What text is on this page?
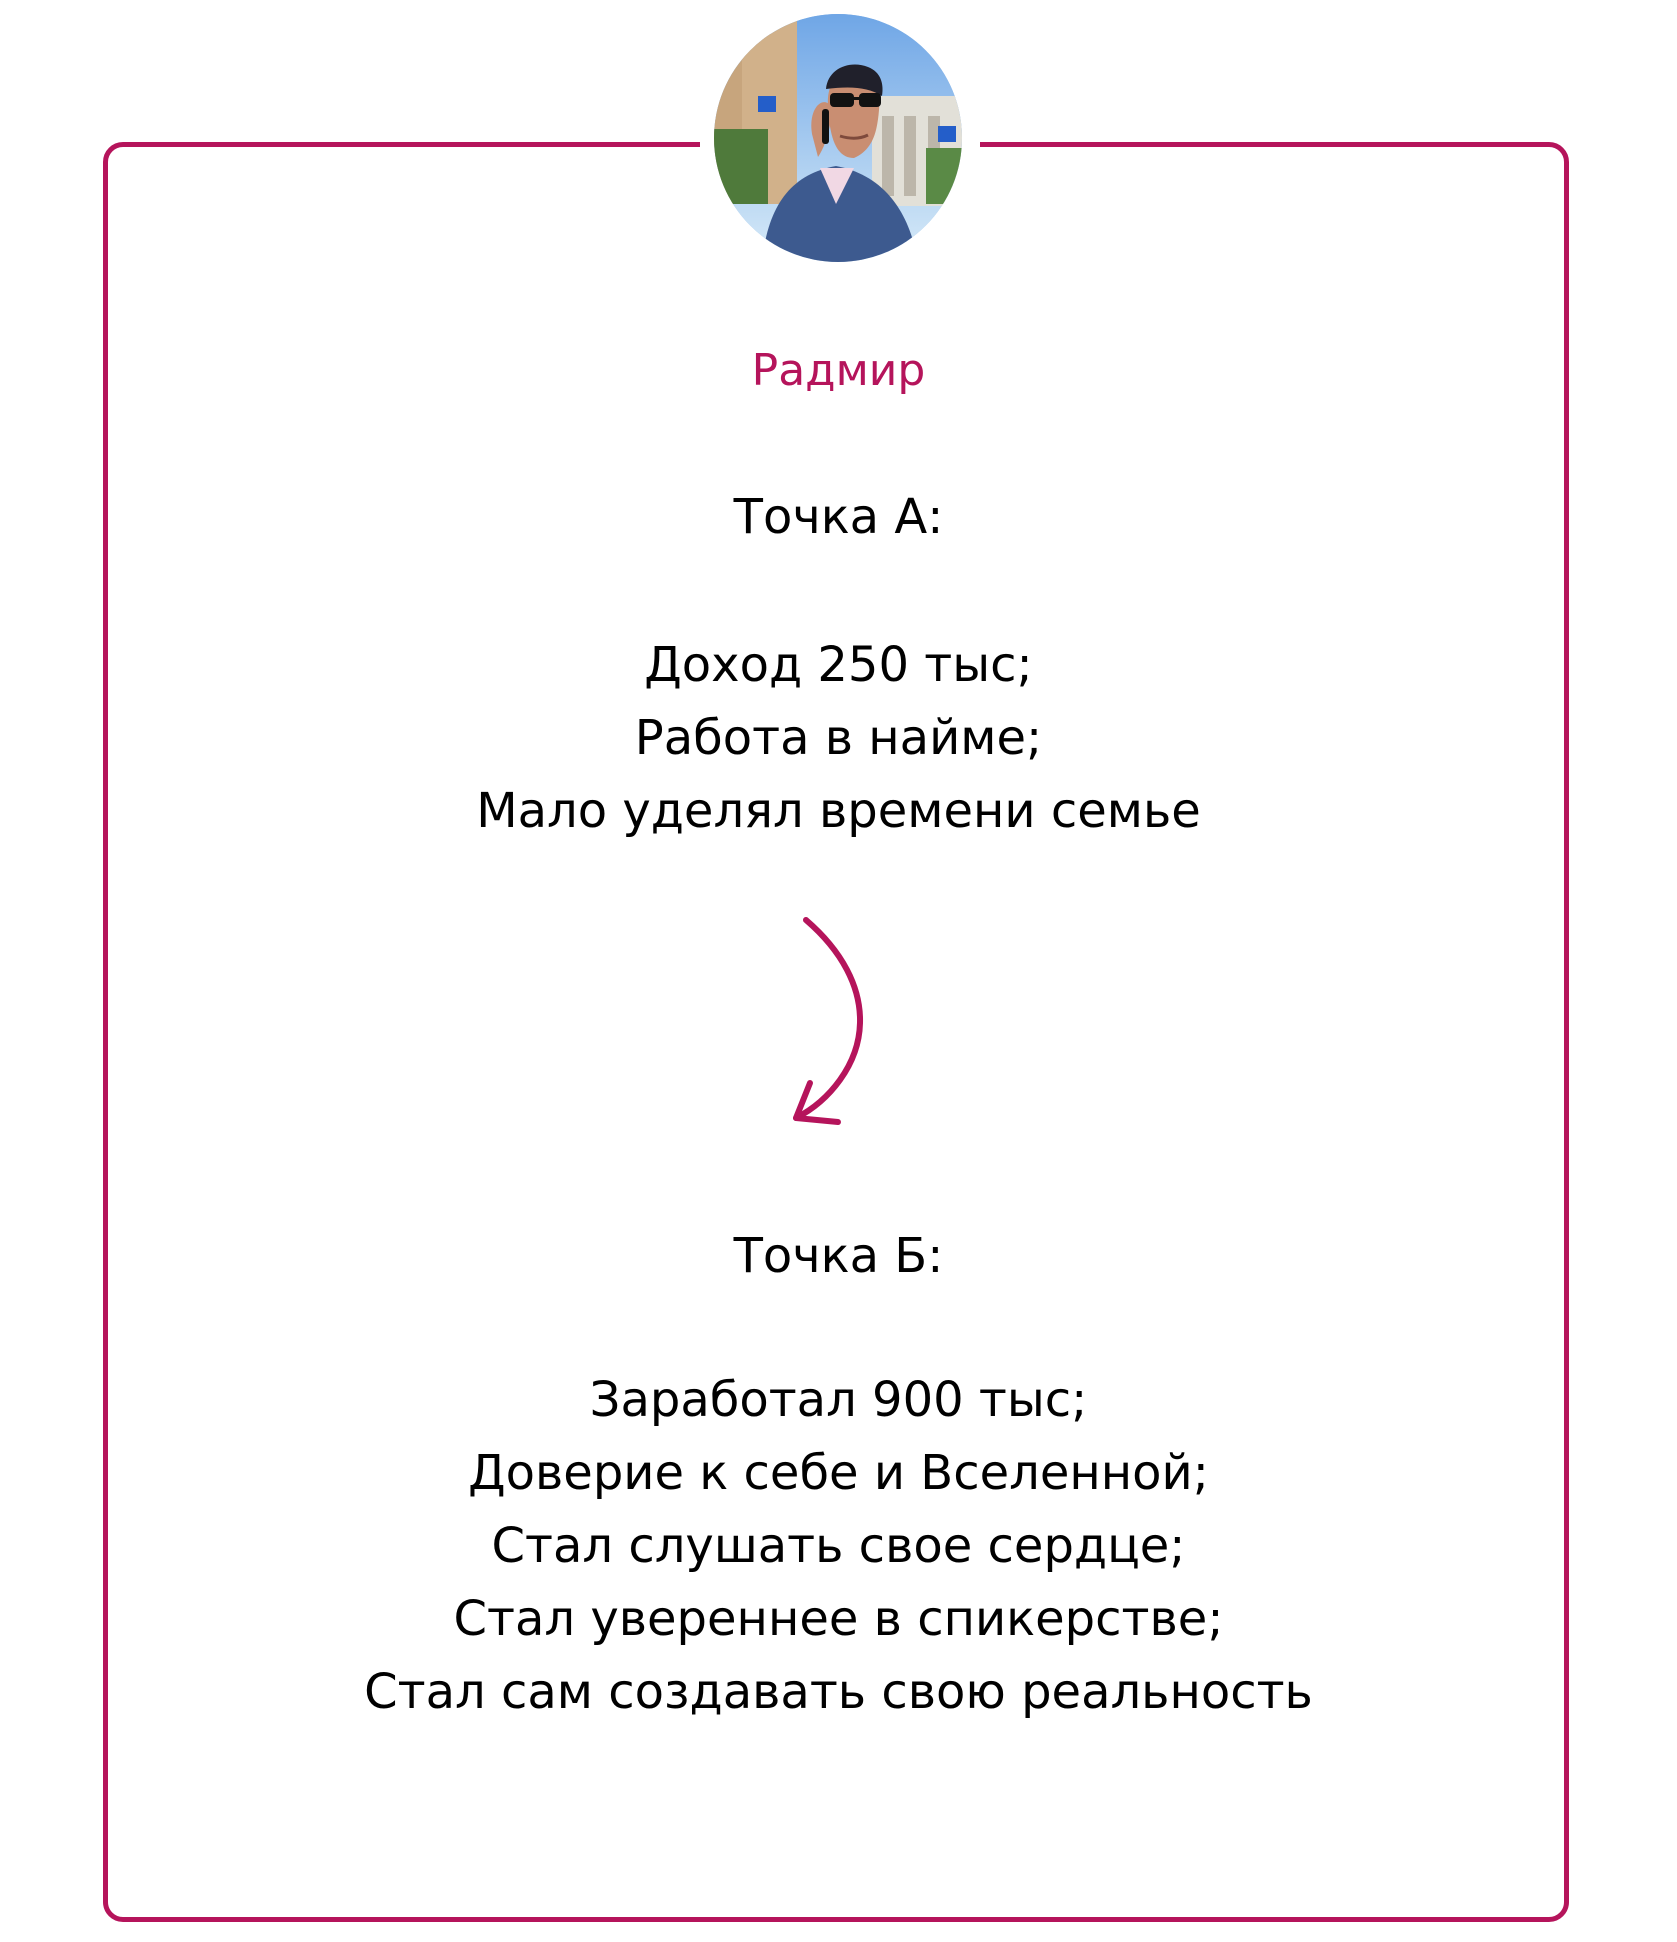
Радмир
Точка А:
Доход 250 тыс;
Работа в найме;
Мало уделял времени семье
Точка Б:
Заработал 900 тыс;
Доверие к себе и Вселенной;
Стал слушать свое сердце;
Стал увереннее в спикерстве;
Стал сам создавать свою реальность
